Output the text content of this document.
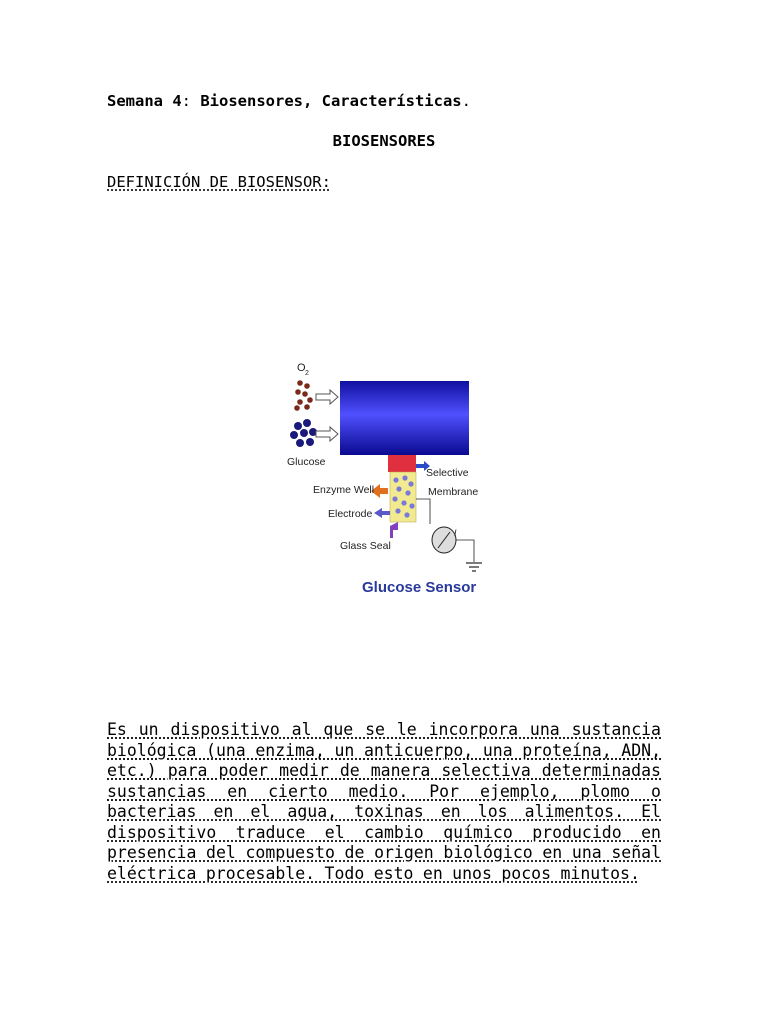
Semana 4: Biosensores, Características.
BIOSENSORES
DEFINICIÓN DE BIOSENSOR:
O 2
Glucose
Selective
Membrane
Enzyme Well
Electrode
Glass Seal
I
Glucose Sensor
Es un dispositivo al que se le incorpora una sustancia biológica (una enzima, un anticuerpo, una proteína, ADN, etc.) para poder medir de manera selectiva determinadas sustancias en cierto medio. Por ejemplo, plomo o bacterias en el agua, toxinas en los alimentos. El dispositivo traduce el cambio químico producido en presencia del compuesto de origen biológico en una señal eléctrica procesable. Todo esto en unos pocos minutos.
